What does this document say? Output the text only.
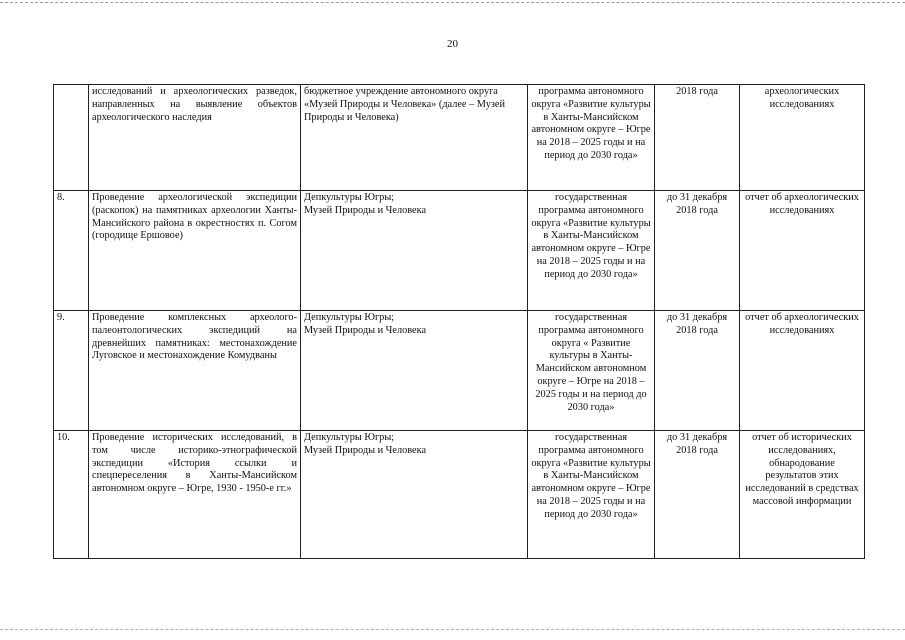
20
	исследований и археологических разведок, направленных на выявление объектов археологического наследия	бюджетное учреждение автономного округа «Музей Природы и Человека» (далее – Музей Природы и Человека)	программа автономного округа «Развитие культуры в Ханты-Мансийском автономном округе – Югре на 2018 – 2025 годы и на период до 2030 года»	2018 года	археологических исследованиях
8.	Проведение археологической экспедиции (раскопок) на памятниках археологии Ханты-Мансийского района в окрестностях п. Согом (городище Ершовое)	Депкультуры Югры;
Музей Природы и Человека	государственная программа автономного округа «Развитие культуры в Ханты-Мансийском автономном округе – Югре на 2018 – 2025 годы и на период до 2030 года»	до 31 декабря 2018 года	отчет об археологических исследованиях
9.	Проведение комплексных археолого-палеонтологических экспедиций на древнейших памятниках: местонахождение Луговское и местонахождение Комудваны	Депкультуры Югры;
Музей Природы и Человека	государственная программа автономного округа « Развитие культуры в Ханты-Мансийском автономном округе – Югре на 2018 – 2025 годы и на период до 2030 года»	до 31 декабря 2018 года	отчет об археологических исследованиях
10.	Проведение исторических исследований, в том числе историко-этнографической экспедиции «История ссылки и спецпереселения в Ханты-Мансийском автономном округе – Югре, 1930 - 1950-е гг.»	Депкультуры Югры;
Музей Природы и Человека	государственная программа автономного округа «Развитие культуры в Ханты-Мансийском автономном округе – Югре на 2018 – 2025 годы и на период до 2030 года»	до 31 декабря 2018 года	отчет об исторических исследованиях, обнародование результатов этих исследований в средствах массовой информации
